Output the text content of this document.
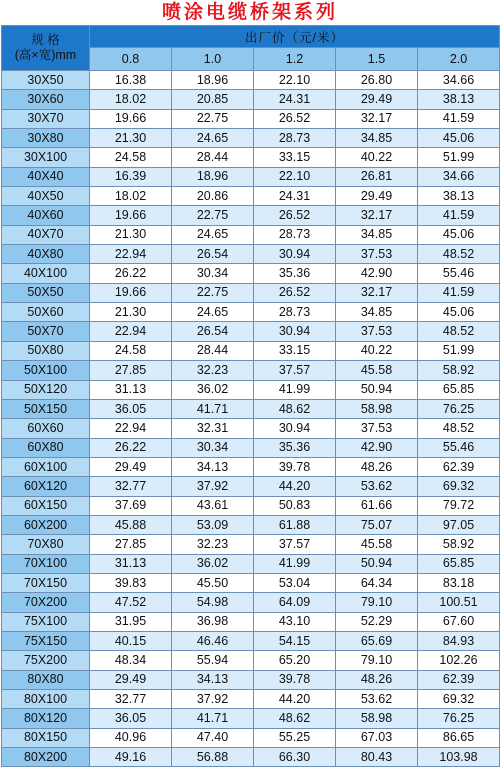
喷涂电缆桥架系列
规 格
(高×宽)mm	出厂价（元/米）				
	0.8	1.0	1.2	1.5	2.0
30X50	16.38	18.96	22.10	26.80	34.66
30X60	18.02	20.85	24.31	29.49	38.13
30X70	19.66	22.75	26.52	32.17	41.59
30X80	21.30	24.65	28.73	34.85	45.06
30X100	24.58	28.44	33.15	40.22	51.99
40X40	16.39	18.96	22.10	26.81	34.66
40X50	18.02	20.86	24.31	29.49	38.13
40X60	19.66	22.75	26.52	32.17	41.59
40X70	21.30	24.65	28.73	34.85	45.06
40X80	22.94	26.54	30.94	37.53	48.52
40X100	26.22	30.34	35.36	42.90	55.46
50X50	19.66	22.75	26.52	32.17	41.59
50X60	21.30	24.65	28.73	34.85	45.06
50X70	22.94	26.54	30.94	37.53	48.52
50X80	24.58	28.44	33.15	40.22	51.99
50X100	27.85	32.23	37.57	45.58	58.92
50X120	31.13	36.02	41.99	50.94	65.85
50X150	36.05	41.71	48.62	58.98	76.25
60X60	22.94	32.31	30.94	37.53	48.52
60X80	26.22	30.34	35.36	42.90	55.46
60X100	29.49	34.13	39.78	48.26	62.39
60X120	32.77	37.92	44.20	53.62	69.32
60X150	37.69	43.61	50.83	61.66	79.72
60X200	45.88	53.09	61.88	75.07	97.05
70X80	27.85	32.23	37.57	45.58	58.92
70X100	31.13	36.02	41.99	50.94	65.85
70X150	39.83	45.50	53.04	64.34	83.18
70X200	47.52	54.98	64.09	79.10	100.51
75X100	31.95	36.98	43.10	52.29	67.60
75X150	40.15	46.46	54.15	65.69	84.93
75X200	48.34	55.94	65.20	79.10	102.26
80X80	29.49	34.13	39.78	48.26	62.39
80X100	32.77	37.92	44.20	53.62	69.32
80X120	36.05	41.71	48.62	58.98	76.25
80X150	40.96	47.40	55.25	67.03	86.65
80X200	49.16	56.88	66.30	80.43	103.98
